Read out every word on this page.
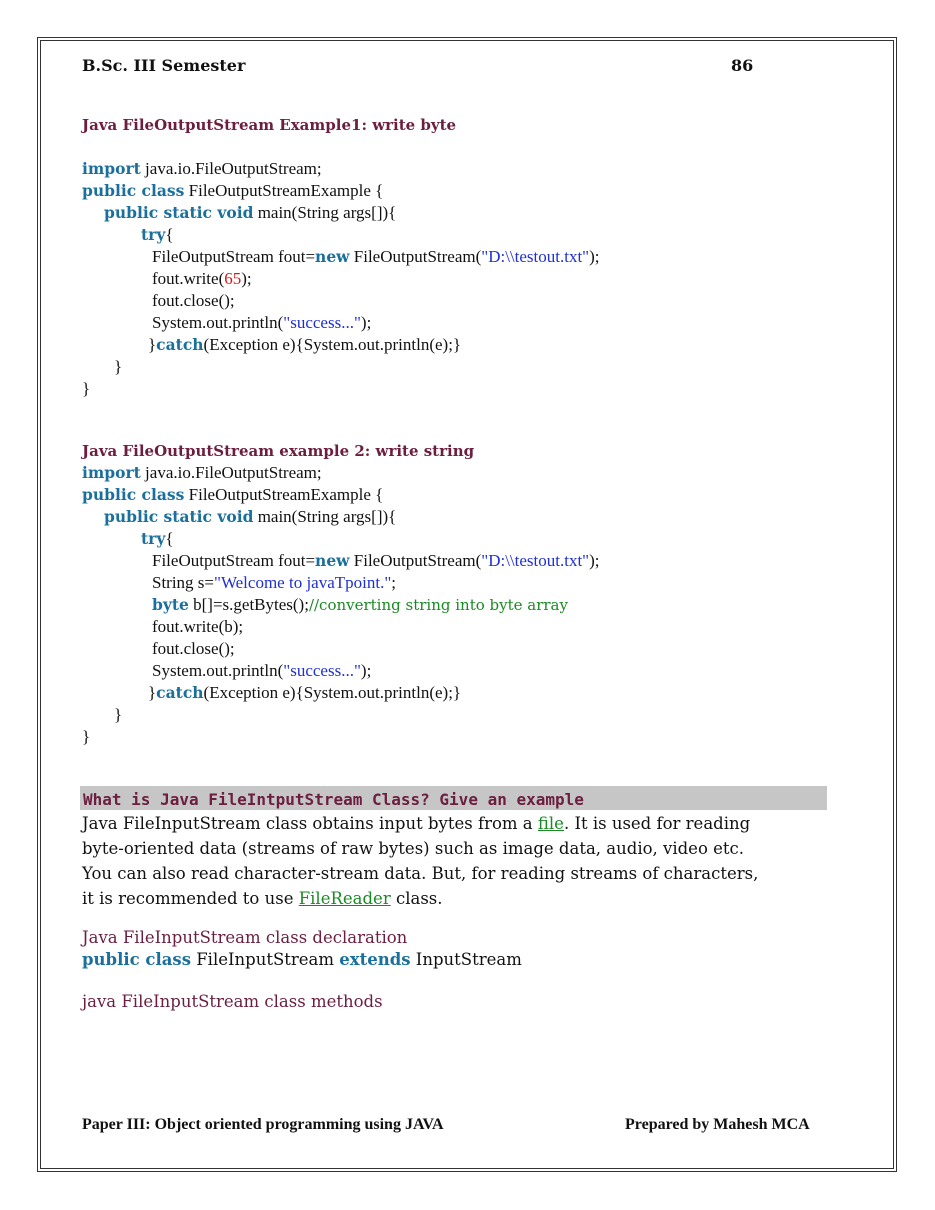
B.Sc. III Semester	86
Java FileOutputStream Example1: write byte
import java.io.FileOutputStream;
public class FileOutputStreamExample {
public static void main(String args[]){
try{
FileOutputStream fout=new FileOutputStream("D:\\testout.txt");
fout.write(65);
fout.close();
System.out.println("success...");
}catch(Exception e){System.out.println(e);}
}
}
Java FileOutputStream example 2: write string
import java.io.FileOutputStream;
public class FileOutputStreamExample {
public static void main(String args[]){
try{
FileOutputStream fout=new FileOutputStream("D:\\testout.txt");
String s="Welcome to javaTpoint.";
byte b[]=s.getBytes();//converting string into byte array
fout.write(b);
fout.close();
System.out.println("success...");
}catch(Exception e){System.out.println(e);}
}
}
What is Java FileIntputStream Class? Give an example
Java FileInputStream class obtains input bytes from a file. It is used for reading
byte-oriented data (streams of raw bytes) such as image data, audio, video etc.
You can also read character-stream data. But, for reading streams of characters,
it is recommended to use FileReader class.
Java FileInputStream class declaration
public class FileInputStream extends InputStream
java FileInputStream class methods
Paper III: Object oriented programming using JAVA	Prepared by Mahesh MCA
